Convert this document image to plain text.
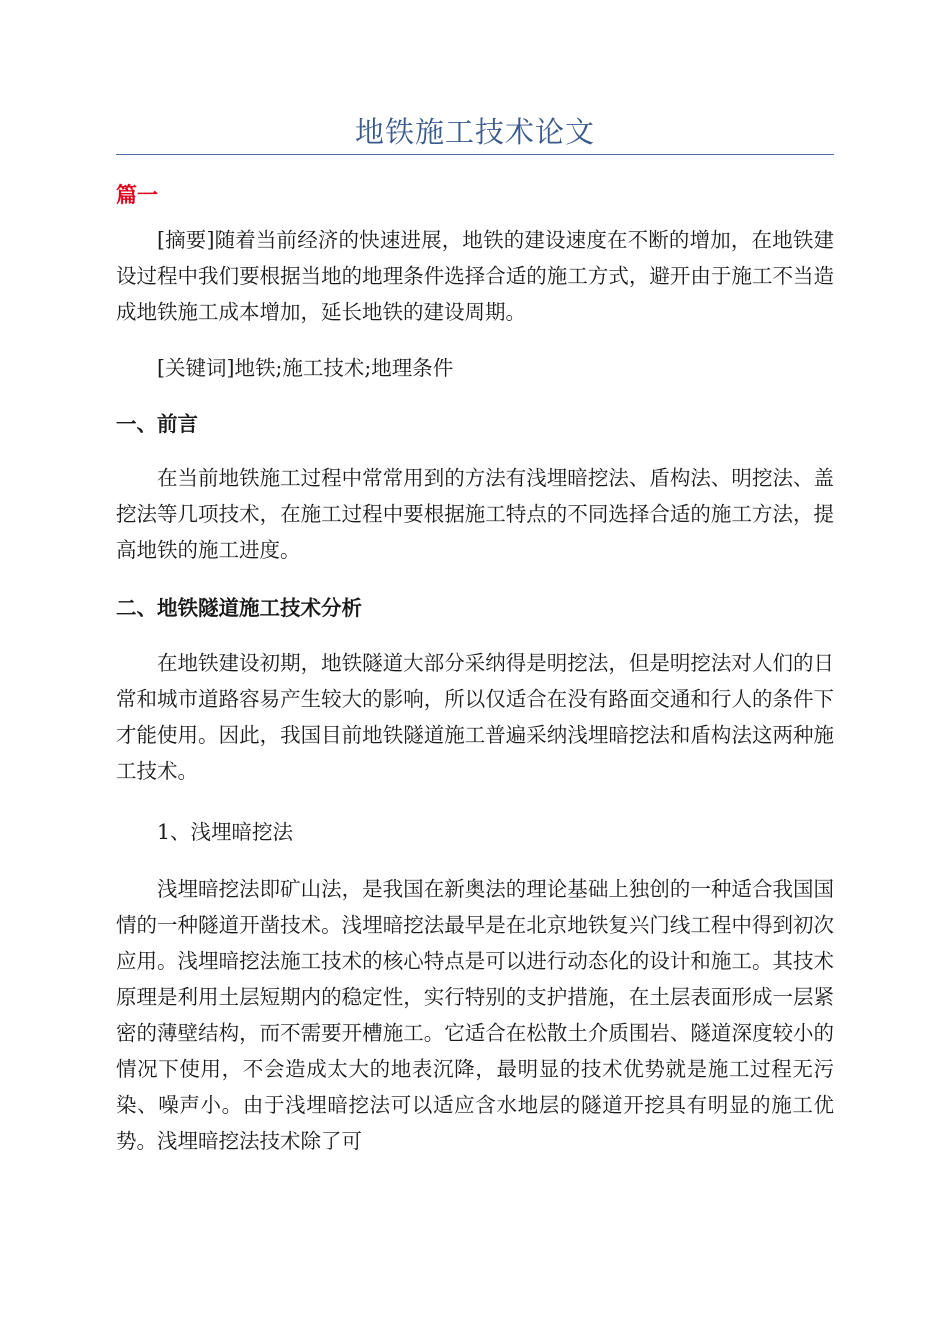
地铁施工技术论文
篇一

[摘要]随着当前经济的快速进展，地铁的建设速度在不断的增加，在地铁建设过程中我们要根据当地的地理条件选择合适的施工方式，避开由于施工不当造成地铁施工成本增加，延长地铁的建设周期。

[关键词]地铁;施工技术;地理条件

一、前言

在当前地铁施工过程中常常用到的方法有浅埋暗挖法、盾构法、明挖法、盖挖法等几项技术，在施工过程中要根据施工特点的不同选择合适的施工方法，提高地铁的施工进度。

二、地铁隧道施工技术分析

在地铁建设初期，地铁隧道大部分采纳得是明挖法，但是明挖法对人们的日常和城市道路容易产生较大的影响，所以仅适合在没有路面交通和行人的条件下才能使用。因此，我国目前地铁隧道施工普遍采纳浅埋暗挖法和盾构法这两种施工技术。

1、浅埋暗挖法

浅埋暗挖法即矿山法，是我国在新奥法的理论基础上独创的一种适合我国国情的一种隧道开凿技术。浅埋暗挖法最早是在北京地铁复兴门线工程中得到初次应用。浅埋暗挖法施工技术的核心特点是可以进行动态化的设计和施工。其技术原理是利用土层短期内的稳定性，实行特别的支护措施，在土层表面形成一层紧密的薄壁结构，而不需要开槽施工。它适合在松散土介质围岩、隧道深度较小的情况下使用，不会造成太大的地表沉降，最明显的技术优势就是施工过程无污染、噪声小。由于浅埋暗挖法可以适应含水地层的隧道开挖具有明显的施工优势。浅埋暗挖法技术除了可
